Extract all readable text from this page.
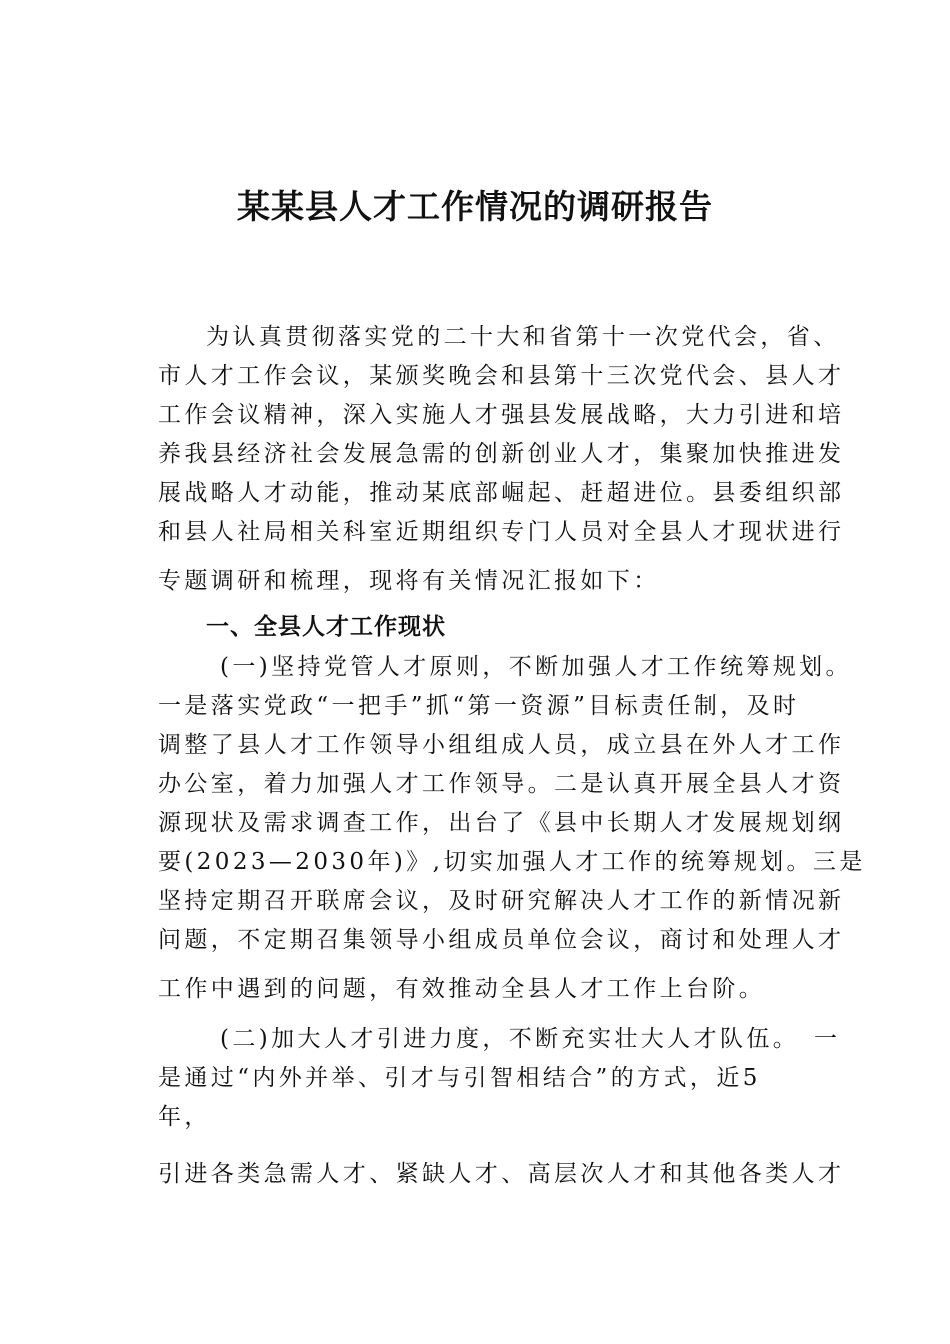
某某县人才工作情况的调研报告
为认真贯彻落实党的二十大和省第十一次党代会，省、
市人才工作会议，某颁奖晚会和县第十三次党代会、县人才
工作会议精神，深入实施人才强县发展战略，大力引进和培
养我县经济社会发展急需的创新创业人才，集聚加快推进发
展战略人才动能，推动某底部崛起、赶超进位。县委组织部
和县人社局相关科室近期组织专门人员对全县人才现状进行
专题调研和梳理，现将有关情况汇报如下：
一、全县人才工作现状
(一)坚持党管人才原则，不断加强人才工作统筹规划。
一是落实党政“一把手”抓“第一资源”目标责任制，及时
调整了县人才工作领导小组组成人员，成立县在外人才工作
办公室，着力加强人才工作领导。二是认真开展全县人才资
源现状及需求调查工作，出台了《县中长期人才发展规划纲
要(2023—2030年)》,切实加强人才工作的统筹规划。三是
坚持定期召开联席会议，及时研究解决人才工作的新情况新
问题，不定期召集领导小组成员单位会议，商讨和处理人才
工作中遇到的问题，有效推动全县人才工作上台阶。
(二)加大人才引进力度，不断充实壮大人才队伍。　一
是通过“内外并举、引才与引智相结合”的方式，近5
年，
引进各类急需人才、紧缺人才、高层次人才和其他各类人才
